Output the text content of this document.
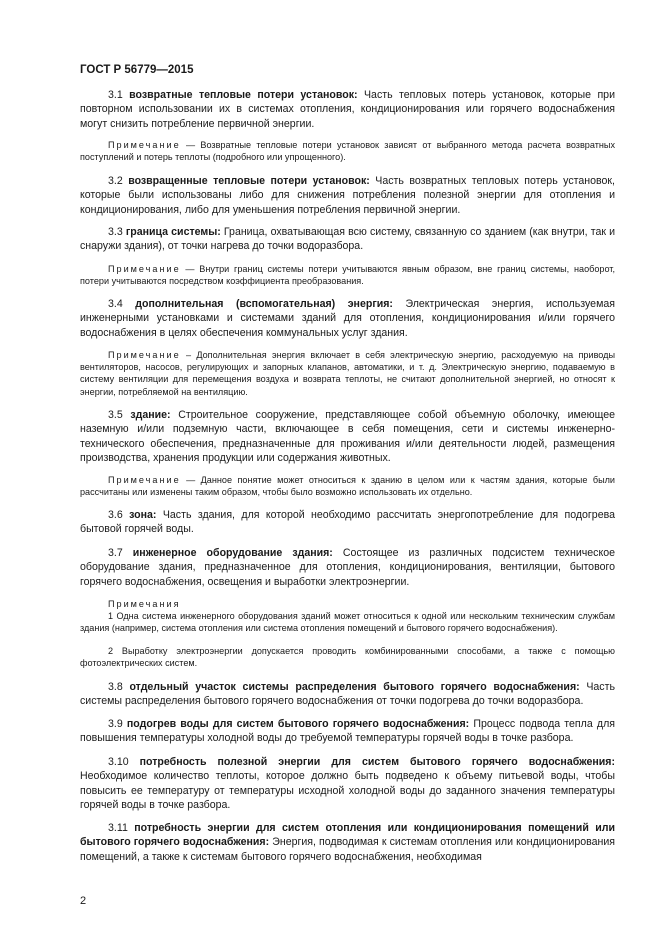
ГОСТ Р 56779—2015

3.1 возвратные тепловые потери установок: Часть тепловых потерь установок, которые при повторном использовании их в системах отопления, кондиционирования или горячего водоснабжения могут снизить потребление первичной энергии.

Примечание — Возвратные тепловые потери установок зависят от выбранного метода расчета возвратных поступлений и потерь теплоты (подробного или упрощенного).

3.2 возвращенные тепловые потери установок: Часть возвратных тепловых потерь установок, которые были использованы либо для снижения потребления полезной энергии для отопления и кондиционирования, либо для уменьшения потребления первичной энергии.

3.3 граница системы: Граница, охватывающая всю систему, связанную со зданием (как внутри, так и снаружи здания), от точки нагрева до точки водоразбора.

Примечание — Внутри границ системы потери учитываются явным образом, вне границ системы, наоборот, потери учитываются посредством коэффициента преобразования.

3.4 дополнительная (вспомогательная) энергия: Электрическая энергия, используемая инженерными установками и системами зданий для отопления, кондиционирования и/или горячего водоснабжения в целях обеспечения коммунальных услуг здания.

Примечание – Дополнительная энергия включает в себя электрическую энергию, расходуемую на приводы вентиляторов, насосов, регулирующих и запорных клапанов, автоматики, и т. д. Электрическую энергию, подаваемую в систему вентиляции для перемещения воздуха и возврата теплоты, не считают дополнительной энергией, но относят к энергии, потребляемой на вентиляцию.

3.5 здание: Строительное сооружение, представляющее собой объемную оболочку, имеющее наземную и/или подземную части, включающее в себя помещения, сети и системы инженерно-технического обеспечения, предназначенные для проживания и/или деятельности людей, размещения производства, хранения продукции или содержания животных.

Примечание — Данное понятие может относиться к зданию в целом или к частям здания, которые были рассчитаны или изменены таким образом, чтобы было возможно использовать их отдельно.

3.6 зона: Часть здания, для которой необходимо рассчитать энергопотребление для подогрева бытовой горячей воды.

3.7 инженерное оборудование здания: Состоящее из различных подсистем техническое оборудование здания, предназначенное для отопления, кондиционирования, вентиляции, бытового горячего водоснабжения, освещения и выработки электроэнергии.

Примечания

1 Одна система инженерного оборудования зданий может относиться к одной или нескольким техническим службам здания (например, система отопления или система отопления помещений и бытового горячего водоснабжения).

2 Выработку электроэнергии допускается проводить комбинированными способами, а также с помощью фотоэлектрических систем.

3.8 отдельный участок системы распределения бытового горячего водоснабжения: Часть системы распределения бытового горячего водоснабжения от точки подогрева до точки водоразбора.

3.9 подогрев воды для систем бытового горячего водоснабжения: Процесс подвода тепла для повышения температуры холодной воды до требуемой температуры горячей воды в точке разбора.

3.10 потребность полезной энергии для систем бытового горячего водоснабжения: Необходимое количество теплоты, которое должно быть подведено к объему питьевой воды, чтобы повысить ее температуру от температуры исходной холодной воды до заданного значения температуры горячей воды в точке разбора.

3.11 потребность энергии для систем отопления или кондиционирования помещений или бытового горячего водоснабжения: Энергия, подводимая к системам отопления или кондиционирования помещений, а также к системам бытового горячего водоснабжения, необходимая

2
